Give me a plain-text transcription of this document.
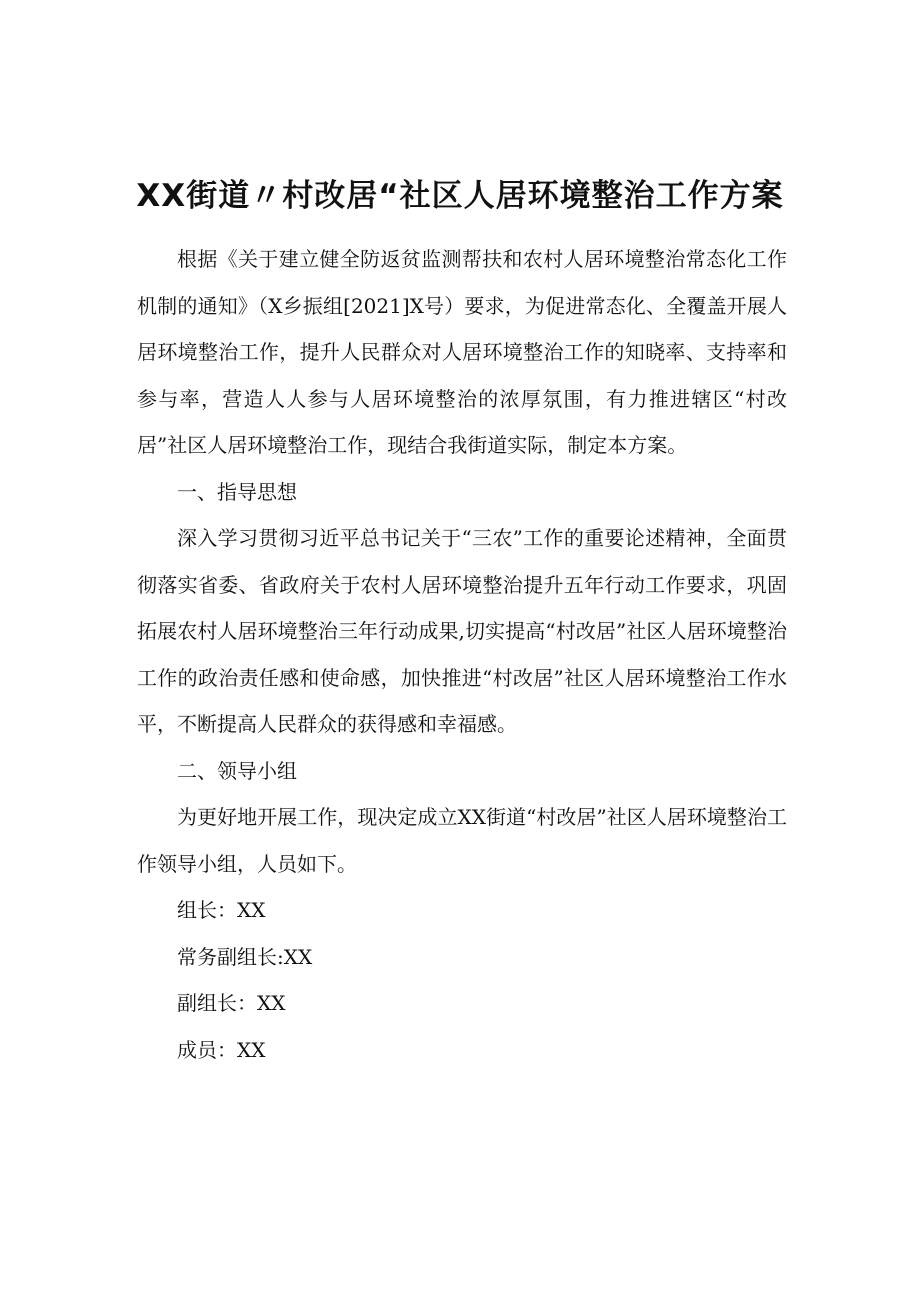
XX街道〃村改居“社区人居环境整治工作方案

根据《关于建立健全防返贫监测帮扶和农村人居环境整治常态化工作机制的通知》（X乡振组[2021]X号）要求，为促进常态化、全覆盖开展人居环境整治工作，提升人民群众对人居环境整治工作的知晓率、支持率和参与率，营造人人参与人居环境整治的浓厚氛围，有力推进辖区“村改居”社区人居环境整治工作，现结合我街道实际，制定本方案。

一、指导思想

深入学习贯彻习近平总书记关于“三农”工作的重要论述精神，全面贯彻落实省委、省政府关于农村人居环境整治提升五年行动工作要求，巩固拓展农村人居环境整治三年行动成果,切实提高“村改居”社区人居环境整治工作的政治责任感和使命感，加快推进“村改居”社区人居环境整治工作水平，不断提高人民群众的获得感和幸福感。

二、领导小组

为更好地开展工作，现决定成立XX街道“村改居”社区人居环境整治工作领导小组，人员如下。

组长：XX

常务副组长:XX

副组长：XX

成员：XX
